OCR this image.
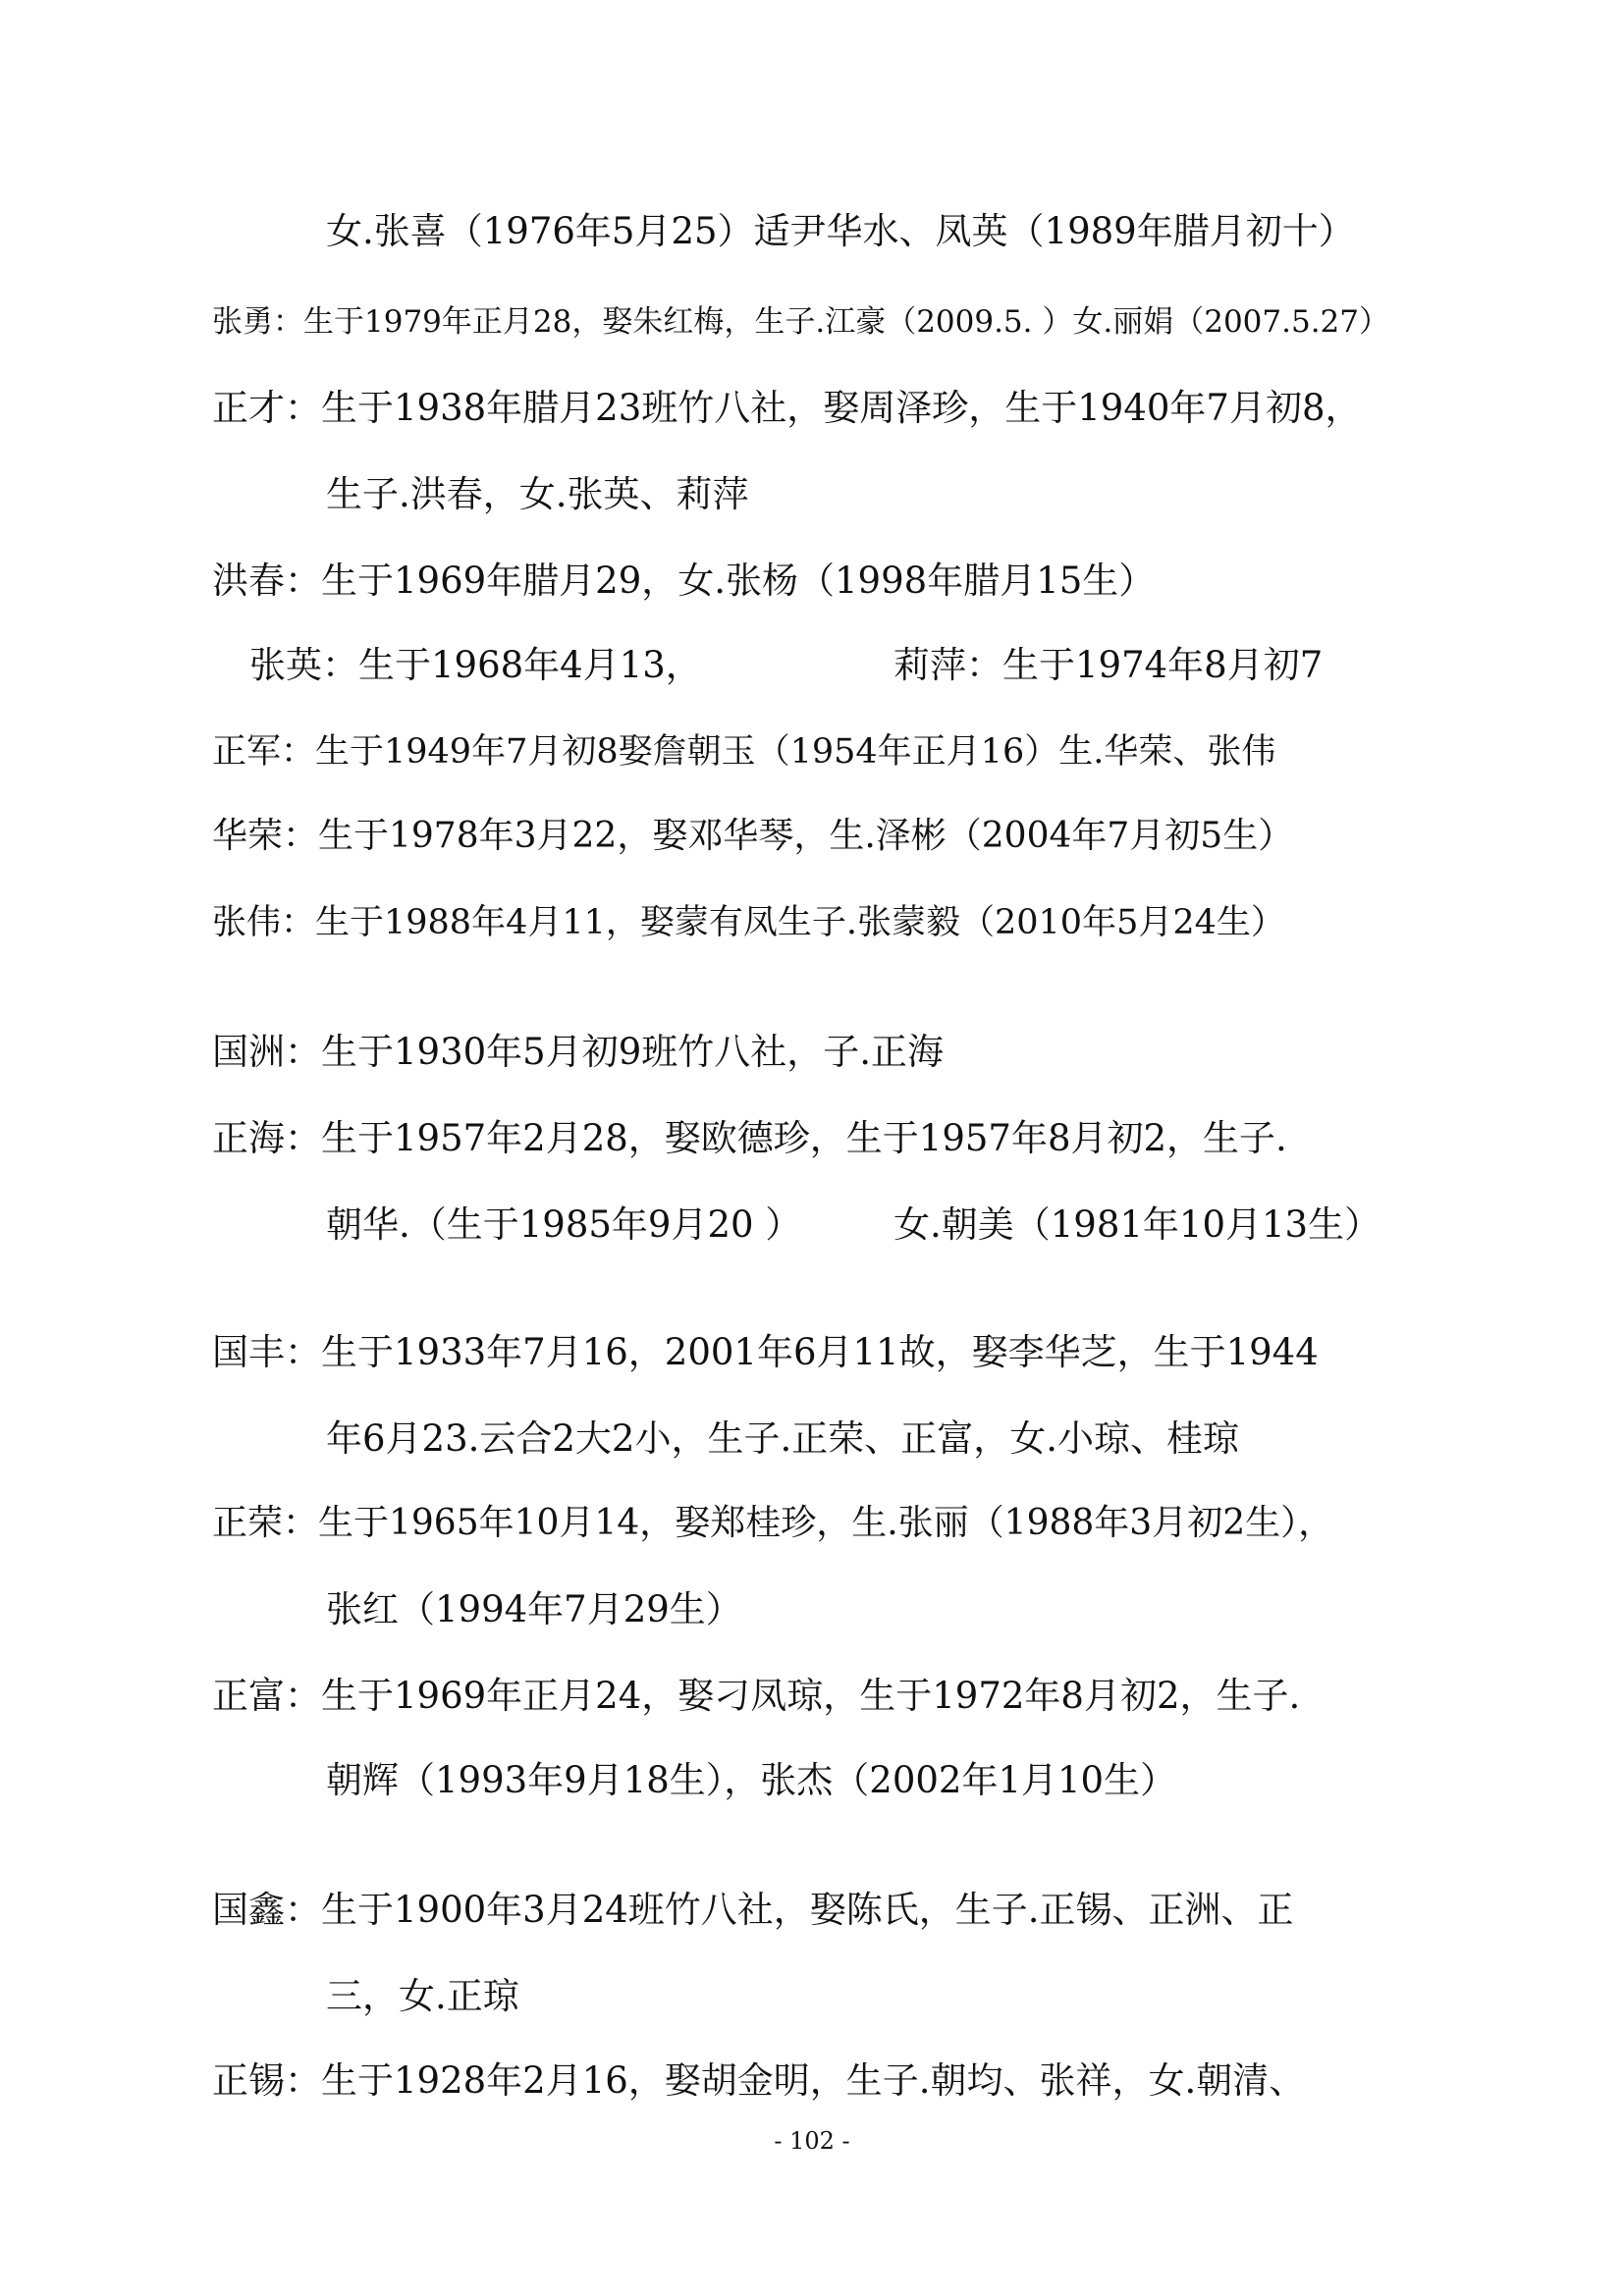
女.张喜（1976年5月25）适尹华水、凤英（1989年腊月初十）
张勇：生于1979年正月28，娶朱红梅，生子.江豪（2009.5. ）女.丽娟（2007.5.27）
正才：生于1938年腊月23班竹八社，娶周泽珍，生于1940年7月初8，
生子.洪春，女.张英、莉萍
洪春：生于1969年腊月29，女.张杨（1998年腊月15生）
张英：生于1968年4月13，	莉萍：生于1974年8月初7
正军：生于1949年7月初8娶詹朝玉（1954年正月16）生.华荣、张伟
华荣：生于1978年3月22，娶邓华琴，生.泽彬（2004年7月初5生）
张伟：生于1988年4月11，娶蒙有凤生子.张蒙毅（2010年5月24生）
国洲：生于1930年5月初9班竹八社，子.正海
正海：生于1957年2月28，娶欧德珍，生于1957年8月初2，生子.
朝华.（生于1985年9月20 ）	女.朝美（1981年10月13生）
国丰：生于1933年7月16，2001年6月11故，娶李华芝，生于1944
年6月23.云合2大2小，生子.正荣、正富，女.小琼、桂琼
正荣：生于1965年10月14，娶郑桂珍，生.张丽（1988年3月初2生），
张红（1994年7月29生）
正富：生于1969年正月24，娶刁凤琼，生于1972年8月初2，生子.
朝辉（1993年9月18生），张杰（2002年1月10生）
国鑫：生于1900年3月24班竹八社，娶陈氏，生子.正锡、正洲、正
三，女.正琼
正锡：生于1928年2月16，娶胡金明，生子.朝均、张祥，女.朝清、
- 102 -
